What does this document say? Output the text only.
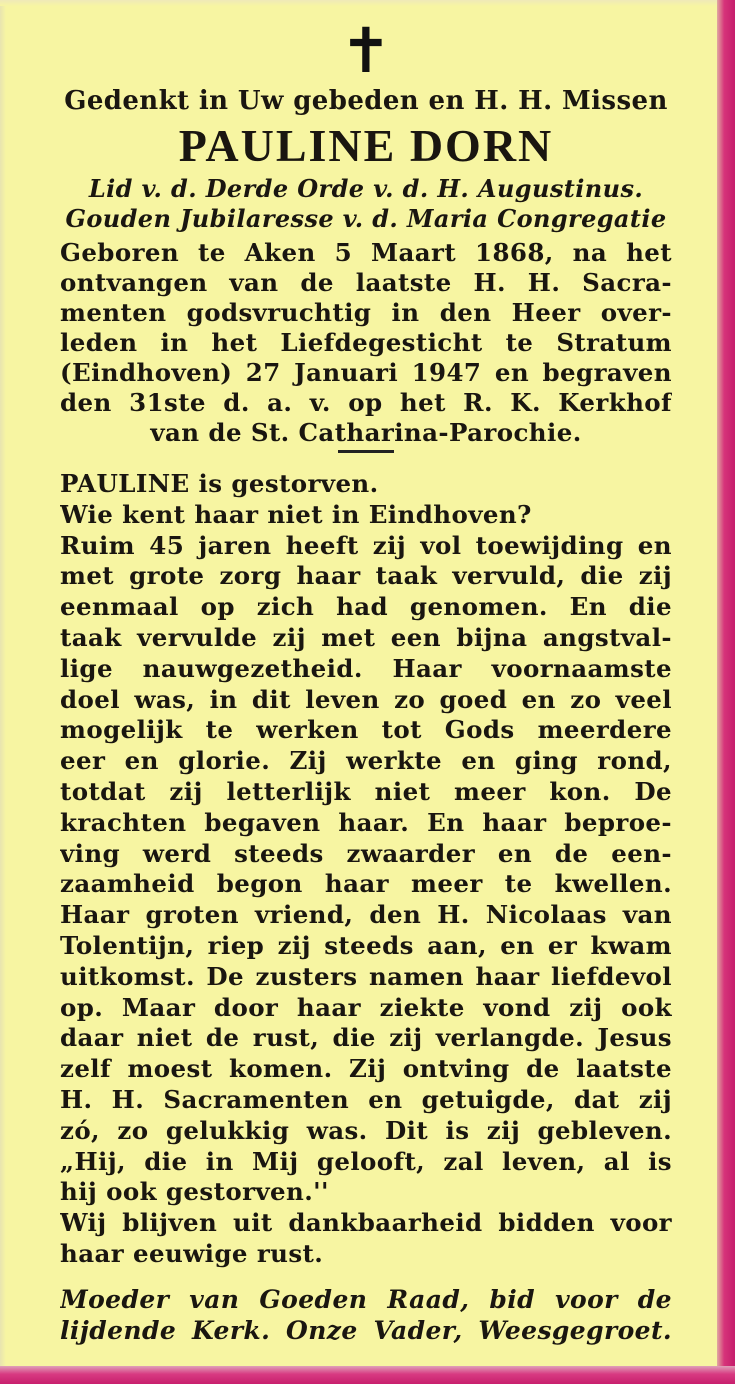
✝
Gedenkt in Uw gebeden en H. H. Missen
PAULINE DORN
Lid v. d. Derde Orde v. d. H. Augustinus.
Gouden Jubilaresse v. d. Maria Congregatie
Geboren te Aken 5 Maart 1868, na het
ontvangen van de laatste H. H. Sacra-
menten godsvruchtig in den Heer over-
leden in het Liefdegesticht te Stratum
(Eindhoven) 27 Januari 1947 en begraven
den 31ste d. a. v. op het R. K. Kerkhof
van de St. Catharina-Parochie.
PAULINE is gestorven.
Wie kent haar niet in Eindhoven?
Ruim 45 jaren heeft zij vol toewijding en
met grote zorg haar taak vervuld, die zij
eenmaal op zich had genomen. En die
taak vervulde zij met een bijna angstval-
lige nauwgezetheid. Haar voornaamste
doel was, in dit leven zo goed en zo veel
mogelijk te werken tot Gods meerdere
eer en glorie. Zij werkte en ging rond,
totdat zij letterlijk niet meer kon. De
krachten begaven haar. En haar beproe-
ving werd steeds zwaarder en de een-
zaamheid begon haar meer te kwellen.
Haar groten vriend, den H. Nicolaas van
Tolentijn, riep zij steeds aan, en er kwam
uitkomst. De zusters namen haar liefdevol
op. Maar door haar ziekte vond zij ook
daar niet de rust, die zij verlangde. Jesus
zelf moest komen. Zij ontving de laatste
H. H. Sacramenten en getuigde, dat zij
zó, zo gelukkig was. Dit is zij gebleven.
„Hij, die in Mij gelooft, zal leven, al is
hij ook gestorven.''
Wij blijven uit dankbaarheid bidden voor
haar eeuwige rust.
Moeder van Goeden Raad, bid voor de
lijdende Kerk. Onze Vader, Weesgegroet.
